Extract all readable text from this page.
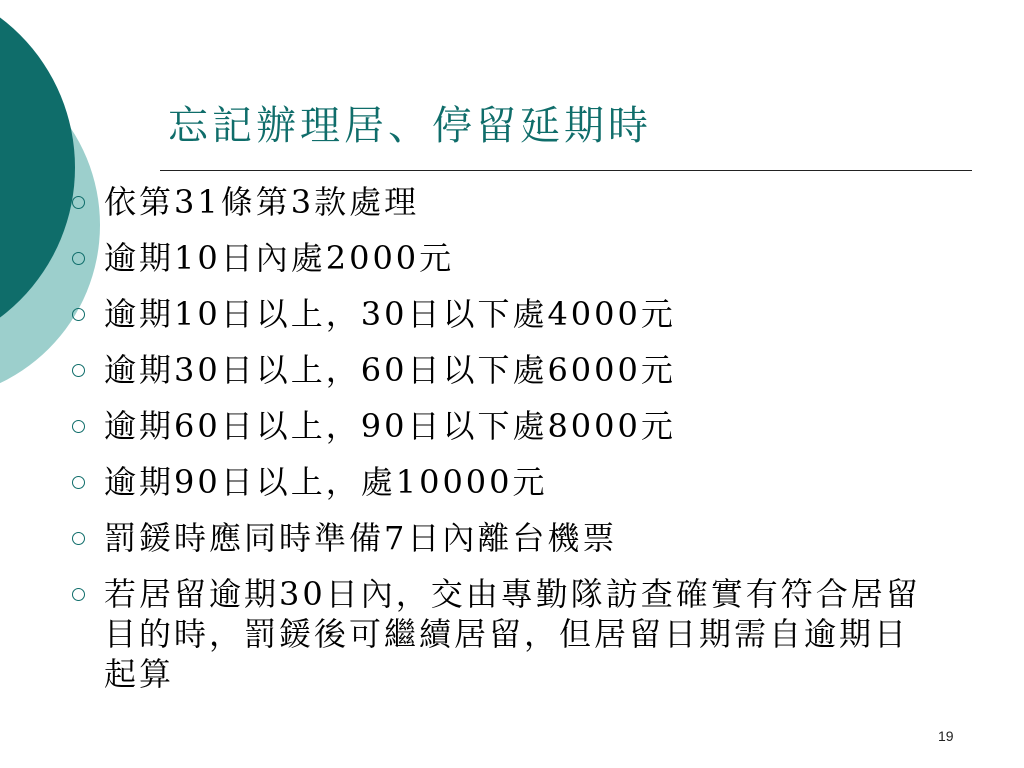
忘記辦理居、停留延期時
依第31條第3款處理
逾期10日內處2000元
逾期10日以上，30日以下處4000元
逾期30日以上，60日以下處6000元
逾期60日以上，90日以下處8000元
逾期90日以上，處10000元
罰鍰時應同時準備7日內離台機票
若居留逾期30日內，交由專勤隊訪查確實有符合居留目的時，罰鍰後可繼續居留，但居留日期需自逾期日起算
19
